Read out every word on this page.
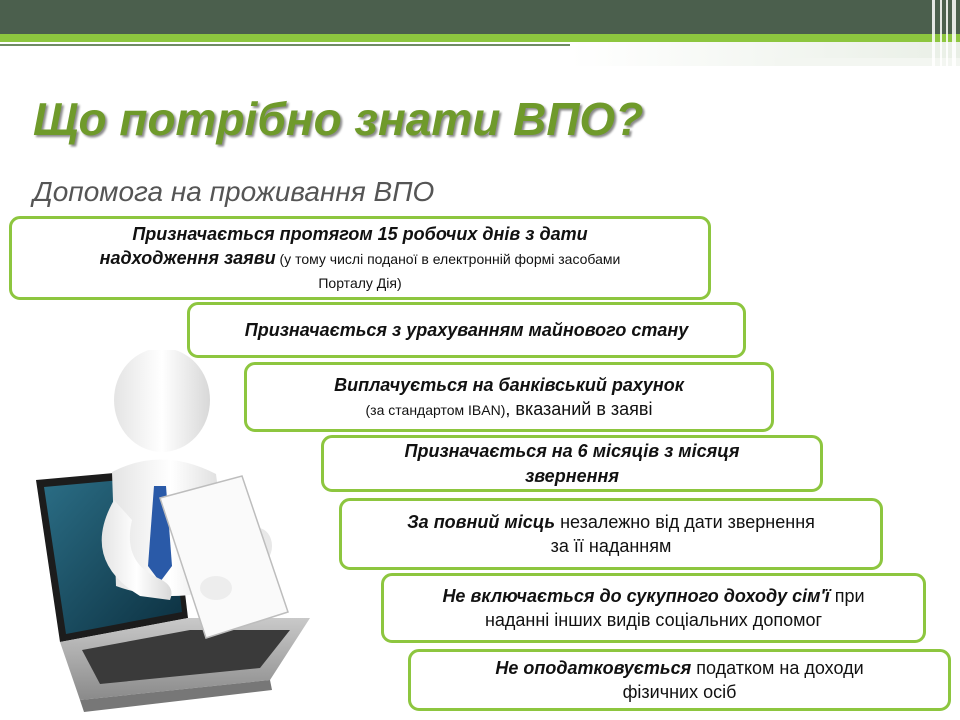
Що потрібно знати ВПО?
Допомога на проживання ВПО
Призначається протягом 15 робочих днів з дати
надходження заяви (у тому числі поданої в електронній формі засобами
Порталу Дія)
Призначається з урахуванням майнового стану
Виплачується на банківський рахунок
(за стандартом IBAN), вказаний в заяві
Призначається на 6 місяців з місяця
звернення
За повний місць незалежно від дати звернення
за її наданням
Не включається до сукупного доходу сім'ї при
наданні інших видів соціальних допомог
Не оподатковується податком на доходи
фізичних осіб
